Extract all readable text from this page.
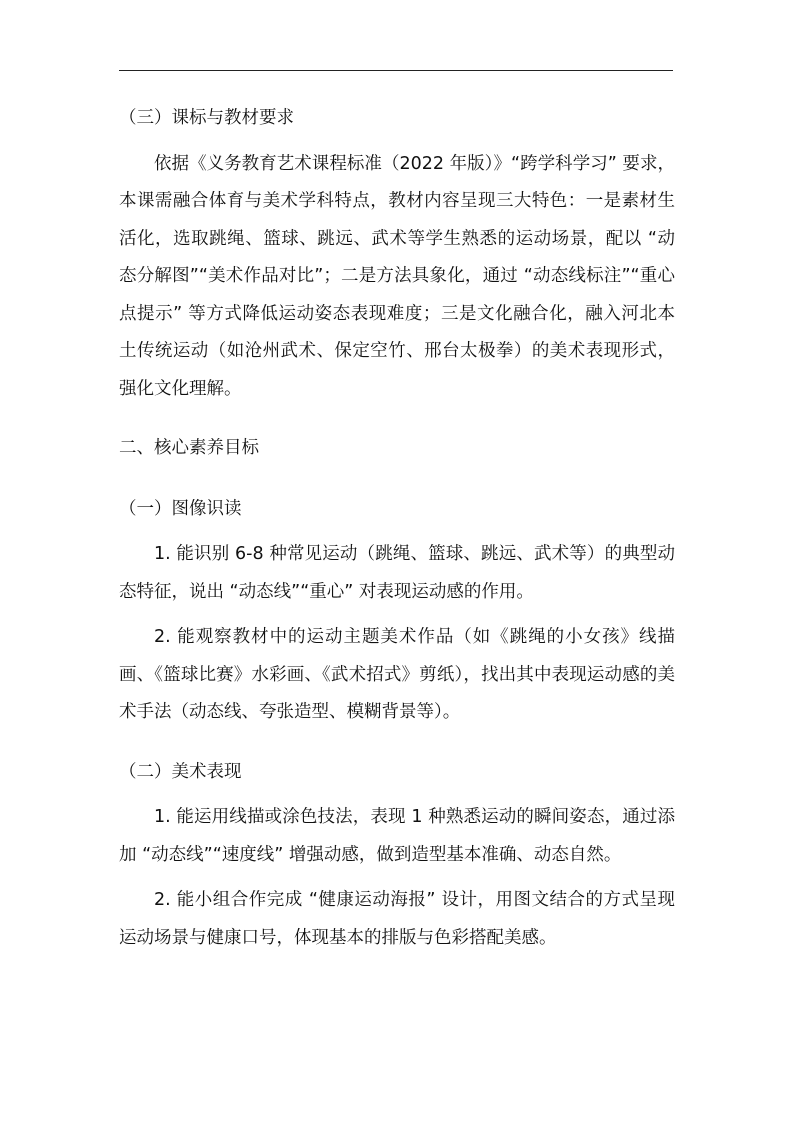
（三）课标与教材要求

依据《义务教育艺术课程标准（2022 年版）》“跨学科学习” 要求，本课需融合体育与美术学科特点，教材内容呈现三大特色：一是素材生活化，选取跳绳、篮球、跳远、武术等学生熟悉的运动场景，配以 “动态分解图”“美术作品对比”；二是方法具象化，通过 “动态线标注”“重心点提示” 等方式降低运动姿态表现难度；三是文化融合化，融入河北本土传统运动（如沧州武术、保定空竹、邢台太极拳）的美术表现形式，强化文化理解。

二、核心素养目标
（一）图像识读

1. 能识别 6-8 种常见运动（跳绳、篮球、跳远、武术等）的典型动态特征，说出 “动态线”“重心” 对表现运动感的作用。

2. 能观察教材中的运动主题美术作品（如《跳绳的小女孩》线描画、《篮球比赛》水彩画、《武术招式》剪纸），找出其中表现运动感的美术手法（动态线、夸张造型、模糊背景等）。

（二）美术表现

1. 能运用线描或涂色技法，表现 1 种熟悉运动的瞬间姿态，通过添加 “动态线”“速度线” 增强动感，做到造型基本准确、动态自然。

2. 能小组合作完成 “健康运动海报” 设计，用图文结合的方式呈现运动场景与健康口号，体现基本的排版与色彩搭配美感。
